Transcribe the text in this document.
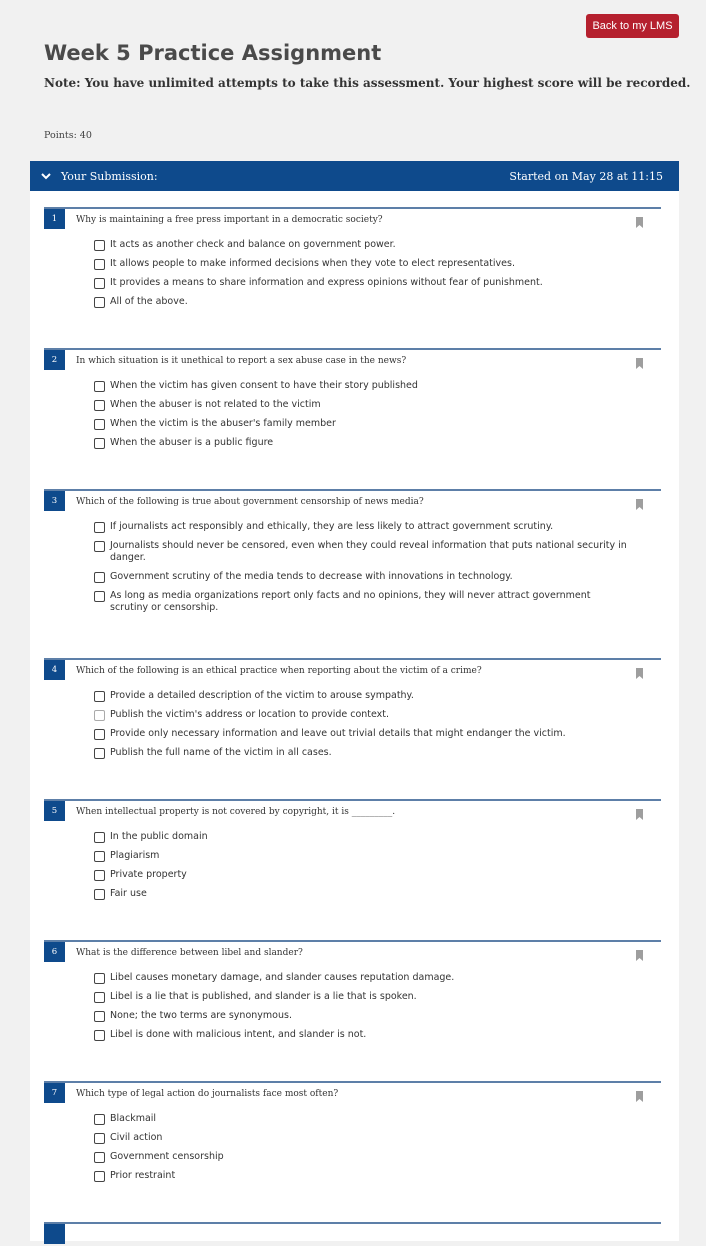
Back to my LMS
Week 5 Practice Assignment
Note: You have unlimited attempts to take this assessment. Your highest score will be recorded.
Points: 40
Your Submission:	Started on May 28 at 11:15
1	Why is maintaining a free press important in a democratic society?
It acts as another check and balance on government power.
It allows people to make informed decisions when they vote to elect representatives.
It provides a means to share information and express opinions without fear of punishment.
All of the above.
2	In which situation is it unethical to report a sex abuse case in the news?
When the victim has given consent to have their story published
When the abuser is not related to the victim
When the victim is the abuser's family member
When the abuser is a public figure
3	Which of the following is true about government censorship of news media?
If journalists act responsibly and ethically, they are less likely to attract government scrutiny.
Journalists should never be censored, even when they could reveal information that puts national security in danger.
Government scrutiny of the media tends to decrease with innovations in technology.
As long as media organizations report only facts and no opinions, they will never attract government scrutiny or censorship.
4	Which of the following is an ethical practice when reporting about the victim of a crime?
Provide a detailed description of the victim to arouse sympathy.
Publish the victim's address or location to provide context.
Provide only necessary information and leave out trivial details that might endanger the victim.
Publish the full name of the victim in all cases.
5	When intellectual property is not covered by copyright, it is _________.
In the public domain
Plagiarism
Private property
Fair use
6	What is the difference between libel and slander?
Libel causes monetary damage, and slander causes reputation damage.
Libel is a lie that is published, and slander is a lie that is spoken.
None; the two terms are synonymous.
Libel is done with malicious intent, and slander is not.
7	Which type of legal action do journalists face most often?
Blackmail
Civil action
Government censorship
Prior restraint
